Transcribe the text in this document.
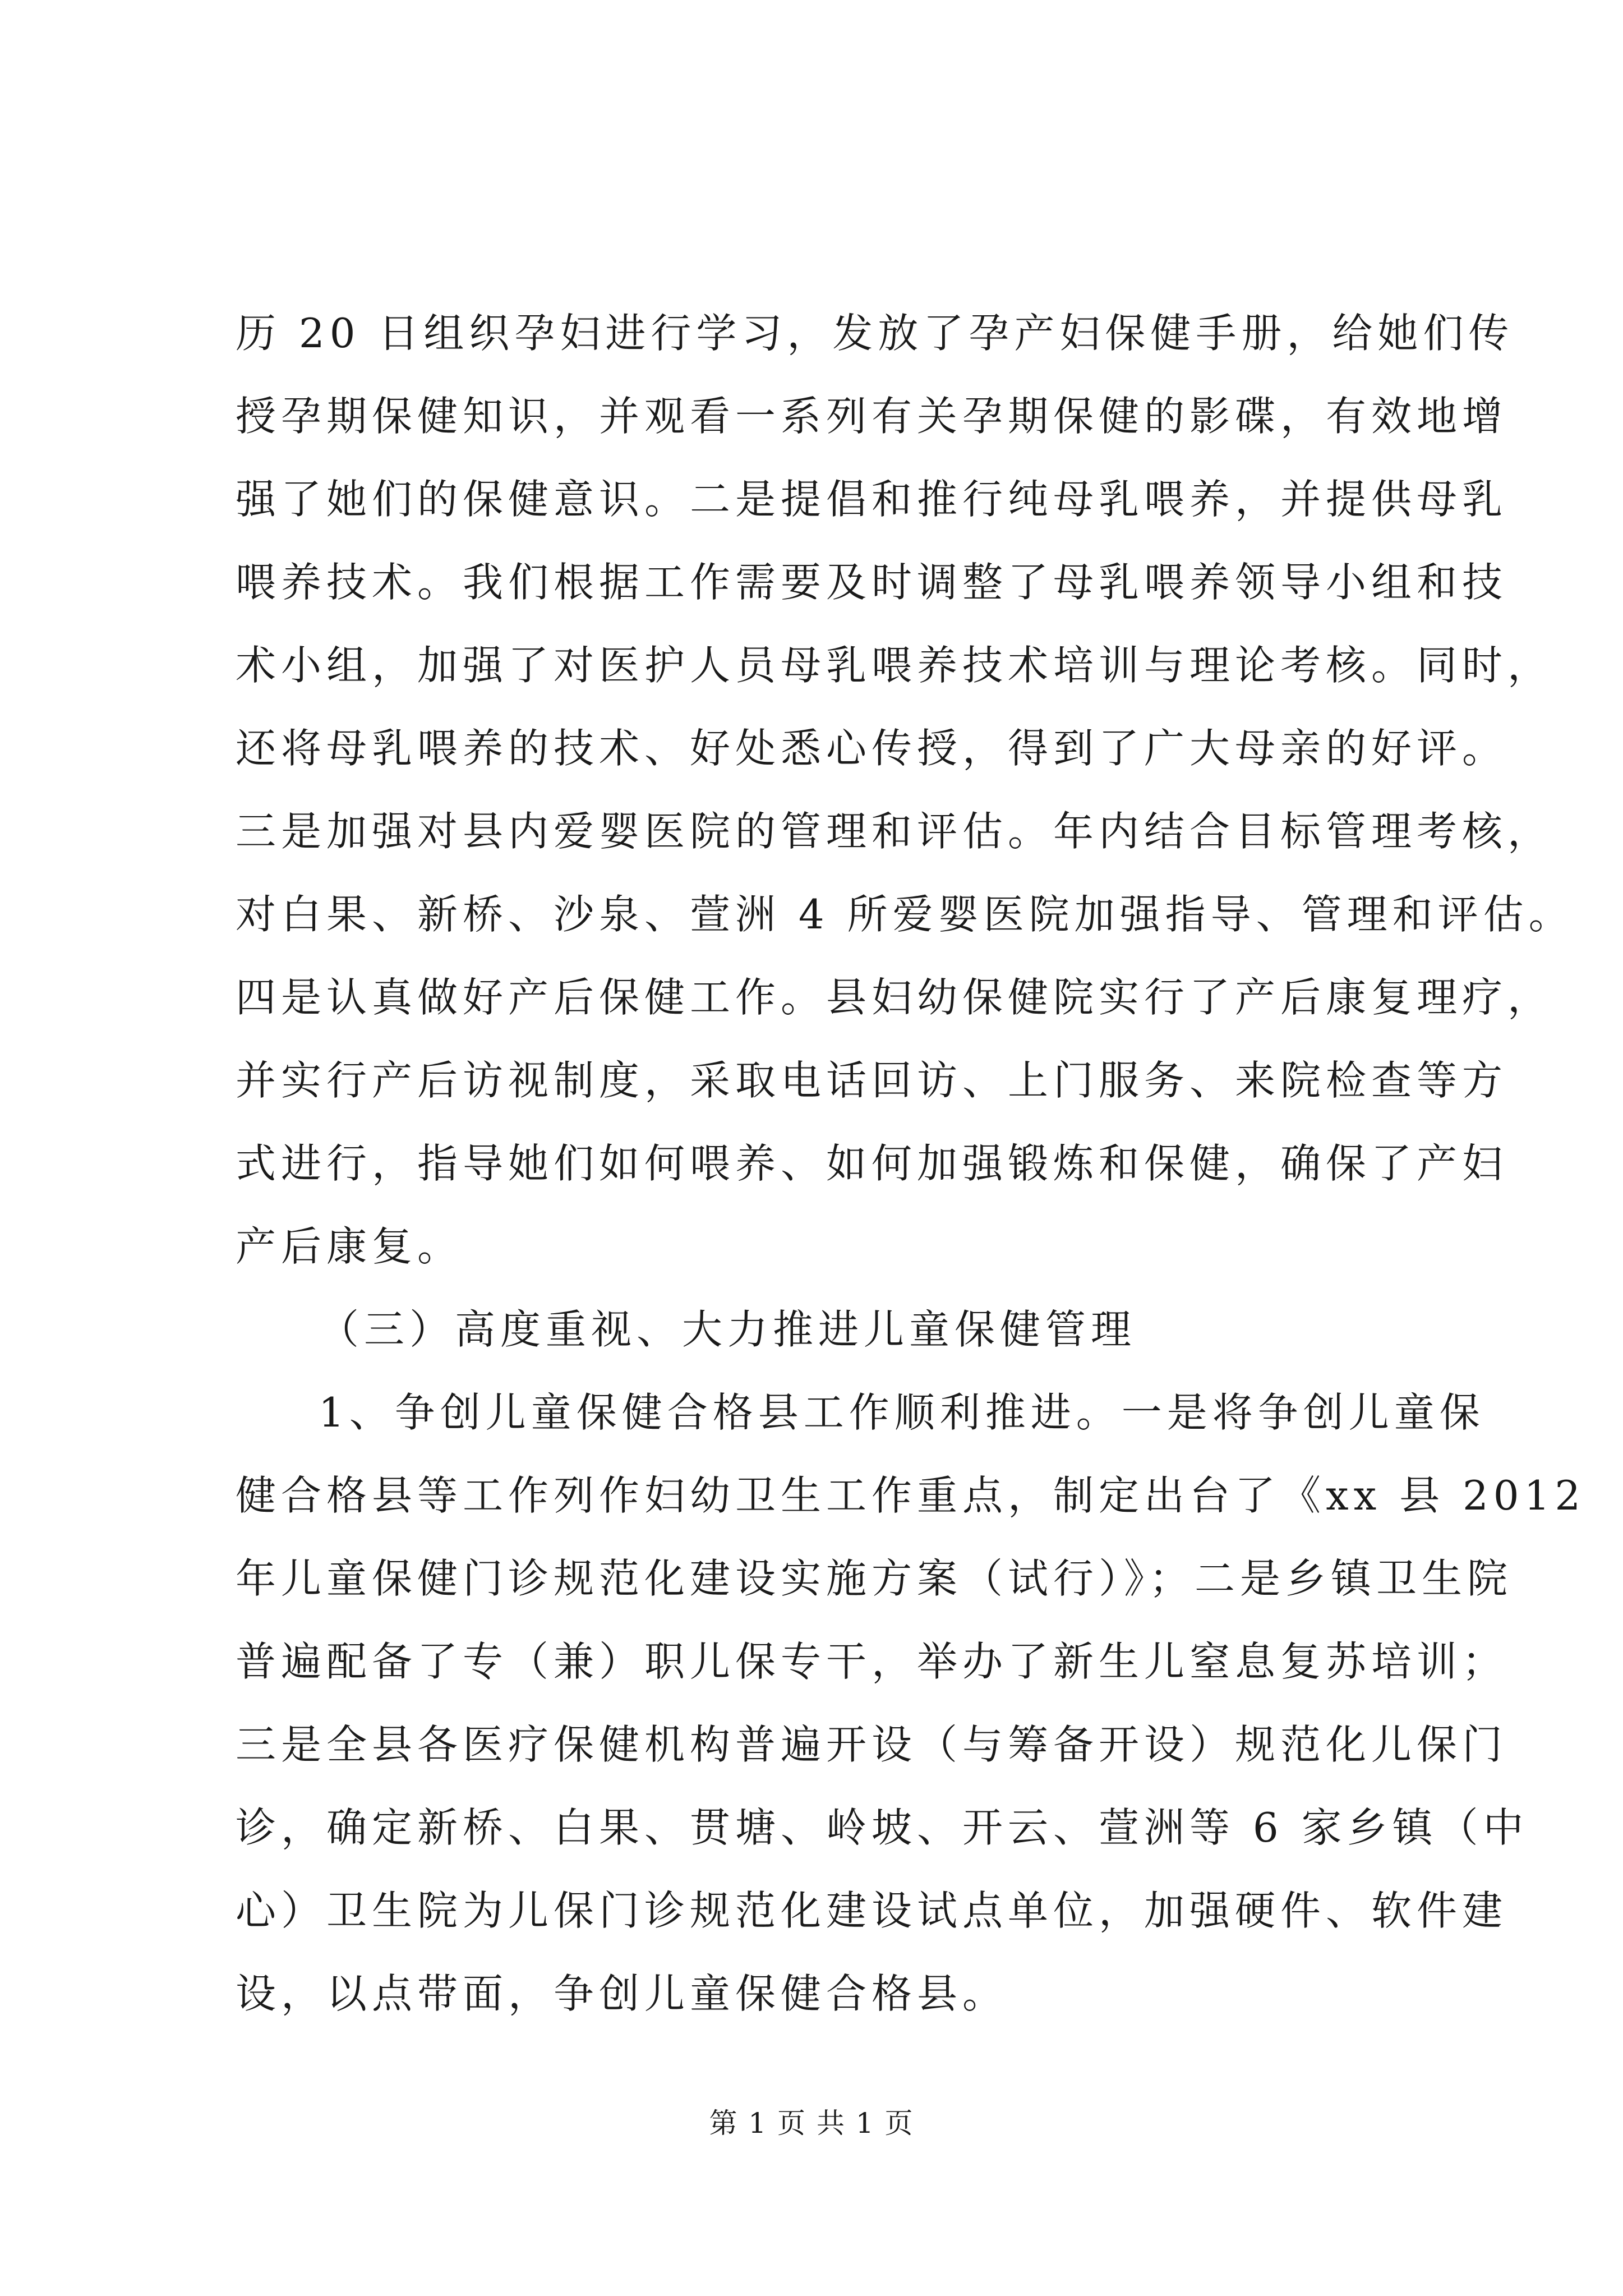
历 20 日组织孕妇进行学习，发放了孕产妇保健手册，给她们传
授孕期保健知识，并观看一系列有关孕期保健的影碟，有效地增
强了她们的保健意识。二是提倡和推行纯母乳喂养，并提供母乳
喂养技术。我们根据工作需要及时调整了母乳喂养领导小组和技
术小组，加强了对医护人员母乳喂养技术培训与理论考核。同时，
还将母乳喂养的技术、好处悉心传授，得到了广大母亲的好评。
三是加强对县内爱婴医院的管理和评估。年内结合目标管理考核，
对白果、新桥、沙泉、萱洲 4 所爱婴医院加强指导、管理和评估。
四是认真做好产后保健工作。县妇幼保健院实行了产后康复理疗，
并实行产后访视制度，采取电话回访、上门服务、来院检查等方
式进行，指导她们如何喂养、如何加强锻炼和保健，确保了产妇
产后康复。
（三）高度重视、大力推进儿童保健管理
1、争创儿童保健合格县工作顺利推进。一是将争创儿童保
健合格县等工作列作妇幼卫生工作重点，制定出台了《xx 县 2012
年儿童保健门诊规范化建设实施方案（试行）》；二是乡镇卫生院
普遍配备了专（兼）职儿保专干，举办了新生儿窒息复苏培训；
三是全县各医疗保健机构普遍开设（与筹备开设）规范化儿保门
诊，确定新桥、白果、贯塘、岭坡、开云、萱洲等 6 家乡镇（中
心）卫生院为儿保门诊规范化建设试点单位，加强硬件、软件建
设，以点带面，争创儿童保健合格县。
第 1 页 共 1 页
